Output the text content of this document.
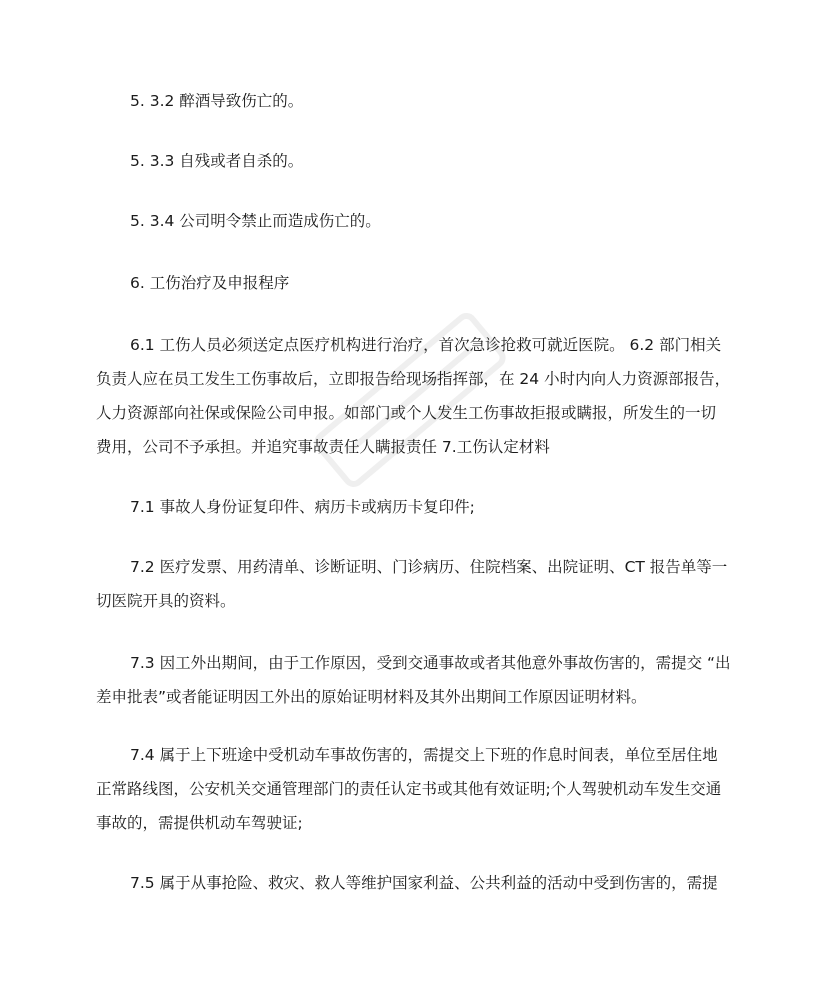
5. 3.2 醉酒导致伤亡的。

5. 3.3 自残或者自杀的。

5. 3.4 公司明令禁止而造成伤亡的。

6. 工伤治疗及申报程序

6.1 工伤人员必须送定点医疗机构进行治疗，首次急诊抢救可就近医院。 6.2 部门相关
负责人应在员工发生工伤事故后，立即报告给现场指挥部，在 24 小时内向人力资源部报告，
人力资源部向社保或保险公司申报。如部门或个人发生工伤事故拒报或瞒报，所发生的一切
费用，公司不予承担。并追究事故责任人瞒报责任 7.工伤认定材料

7.1 事故人身份证复印件、病历卡或病历卡复印件;

7.2 医疗发票、用药清单、诊断证明、门诊病历、住院档案、出院证明、CT 报告单等一
切医院开具的资料。

7.3 因工外出期间，由于工作原因，受到交通事故或者其他意外事故伤害的，需提交 “出
差申批表”或者能证明因工外出的原始证明材料及其外出期间工作原因证明材料。

7.4 属于上下班途中受机动车事故伤害的，需提交上下班的作息时间表，单位至居住地
正常路线图，公安机关交通管理部门的责任认定书或其他有效证明;个人驾驶机动车发生交通
事故的，需提供机动车驾驶证;

7.5 属于从事抢险、救灾、救人等维护国家利益、公共利益的活动中受到伤害的，需提
